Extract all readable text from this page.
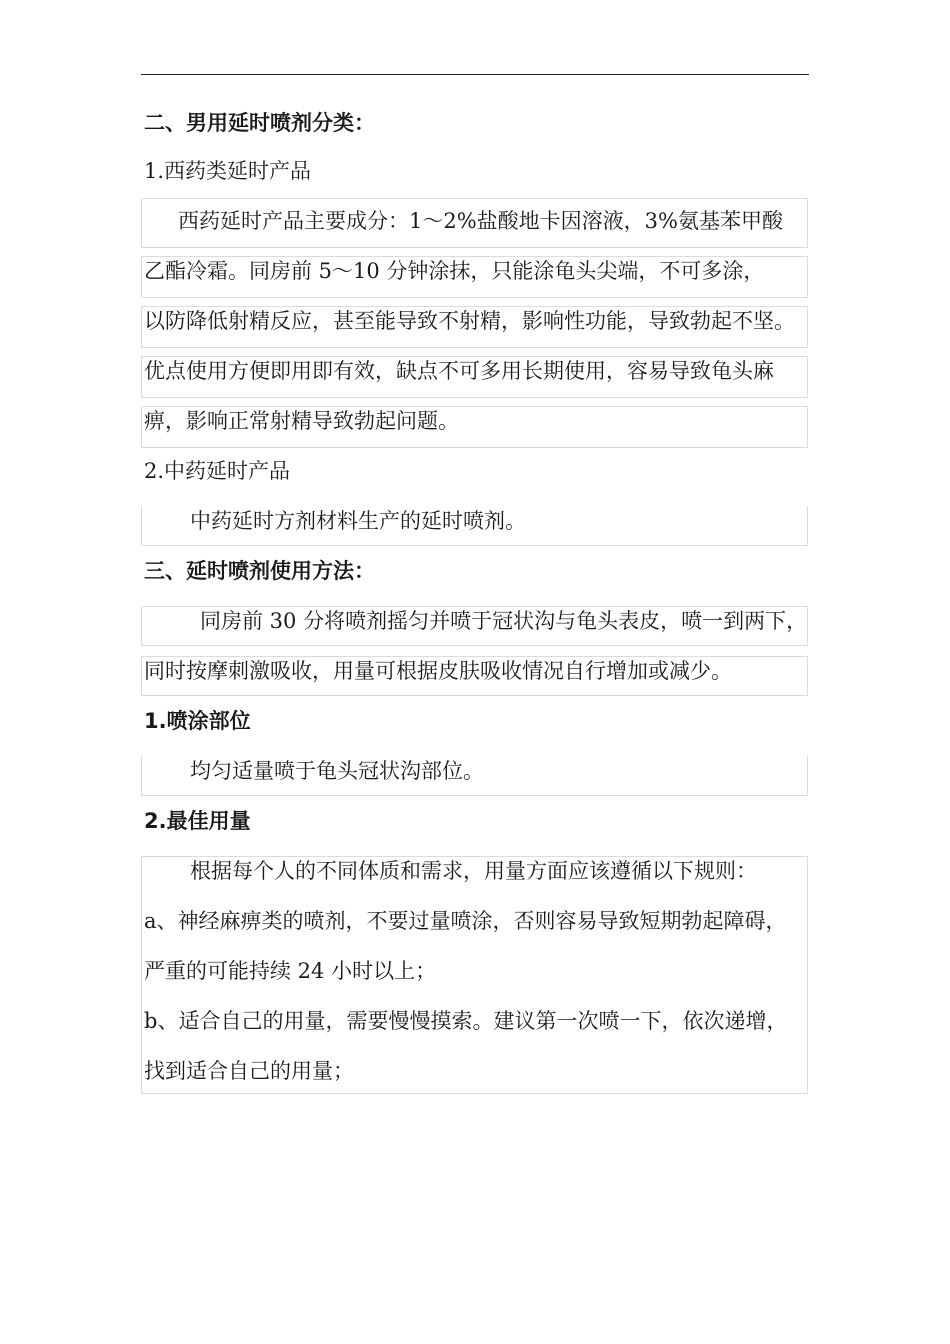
二、男用延时喷剂分类：
1.西药类延时产品
西药延时产品主要成分：1～2%盐酸地卡因溶液，3%氨基苯甲酸
乙酯冷霜。同房前 5～10 分钟涂抹，只能涂龟头尖端，不可多涂，
以防降低射精反应，甚至能导致不射精，影响性功能，导致勃起不坚。
优点使用方便即用即有效，缺点不可多用长期使用，容易导致龟头麻
痹，影响正常射精导致勃起问题。
2.中药延时产品
中药延时方剂材料生产的延时喷剂。
三、延时喷剂使用方法：
同房前 30 分将喷剂摇匀并喷于冠状沟与龟头表皮，喷一到两下，
同时按摩刺激吸收，用量可根据皮肤吸收情况自行增加或减少。
1.喷涂部位
均匀适量喷于龟头冠状沟部位。
2.最佳用量
根据每个人的不同体质和需求，用量方面应该遵循以下规则：
a、神经麻痹类的喷剂，不要过量喷涂，否则容易导致短期勃起障碍，
严重的可能持续 24 小时以上；
b、适合自己的用量，需要慢慢摸索。建议第一次喷一下，依次递增，
找到适合自己的用量；
